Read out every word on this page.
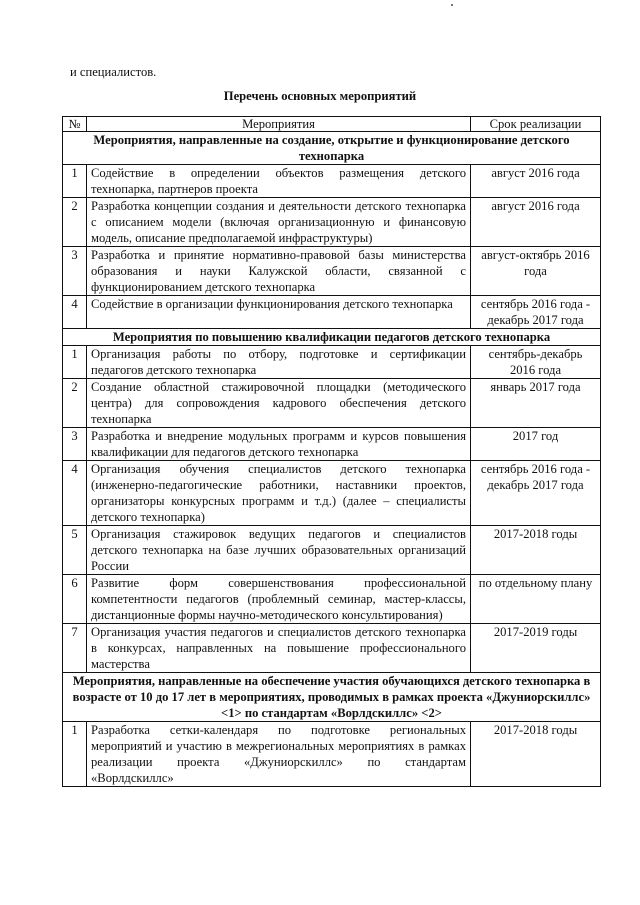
и специалистов.
Перечень основных мероприятий
№	Мероприятия	Срок реализации
Мероприятия, направленные на создание, открытие и функционирование детского технопарка		
1	Содействие в определении объектов размещения детского технопарка, партнеров проекта	август 2016 года
2	Разработка концепции создания и деятельности детского технопарка с описанием модели (включая организационную и финансовую модель, описание предполагаемой инфраструктуры)	август 2016 года
3	Разработка и принятие нормативно-правовой базы министерства образования и науки Калужской области, связанной с функционированием детского технопарка	август-октябрь 2016 года
4	Содействие в организации функционирования детского технопарка	сентябрь 2016 года - декабрь 2017 года
Мероприятия по повышению квалификации педагогов детского технопарка		
1	Организация работы по отбору, подготовке и сертификации педагогов детского технопарка	сентябрь-декабрь 2016 года
2	Создание областной стажировочной площадки (методического центра) для сопровождения кадрового обеспечения детского технопарка	январь 2017 года
3	Разработка и внедрение модульных программ и курсов повышения квалификации для педагогов детского технопарка	2017 год
4	Организация обучения специалистов детского технопарка (инженерно-педагогические работники, наставники проектов, организаторы конкурсных программ и т.д.) (далее – специалисты детского технопарка)	сентябрь 2016 года - декабрь 2017 года
5	Организация стажировок ведущих педагогов и специалистов детского технопарка на базе лучших образовательных организаций России	2017-2018 годы
6	Развитие форм совершенствования профессиональной компетентности педагогов (проблемный семинар, мастер-классы, дистанционные формы научно-методического консультирования)	по отдельному плану
7	Организация участия педагогов и специалистов детского технопарка в конкурсах, направленных на повышение профессионального мастерства	2017-2019 годы
Мероприятия, направленные на обеспечение участия обучающихся детского технопарка в возрасте от 10 до 17 лет в мероприятиях, проводимых в рамках проекта «Джуниорскиллс» <1> по стандартам «Ворлдскиллс» <2>		
1	Разработка сетки-календаря по подготовке региональных мероприятий и участию в межрегиональных мероприятиях в рамках реализации проекта «Джуниорскиллс» по стандартам «Ворлдскиллс»	2017-2018 годы
